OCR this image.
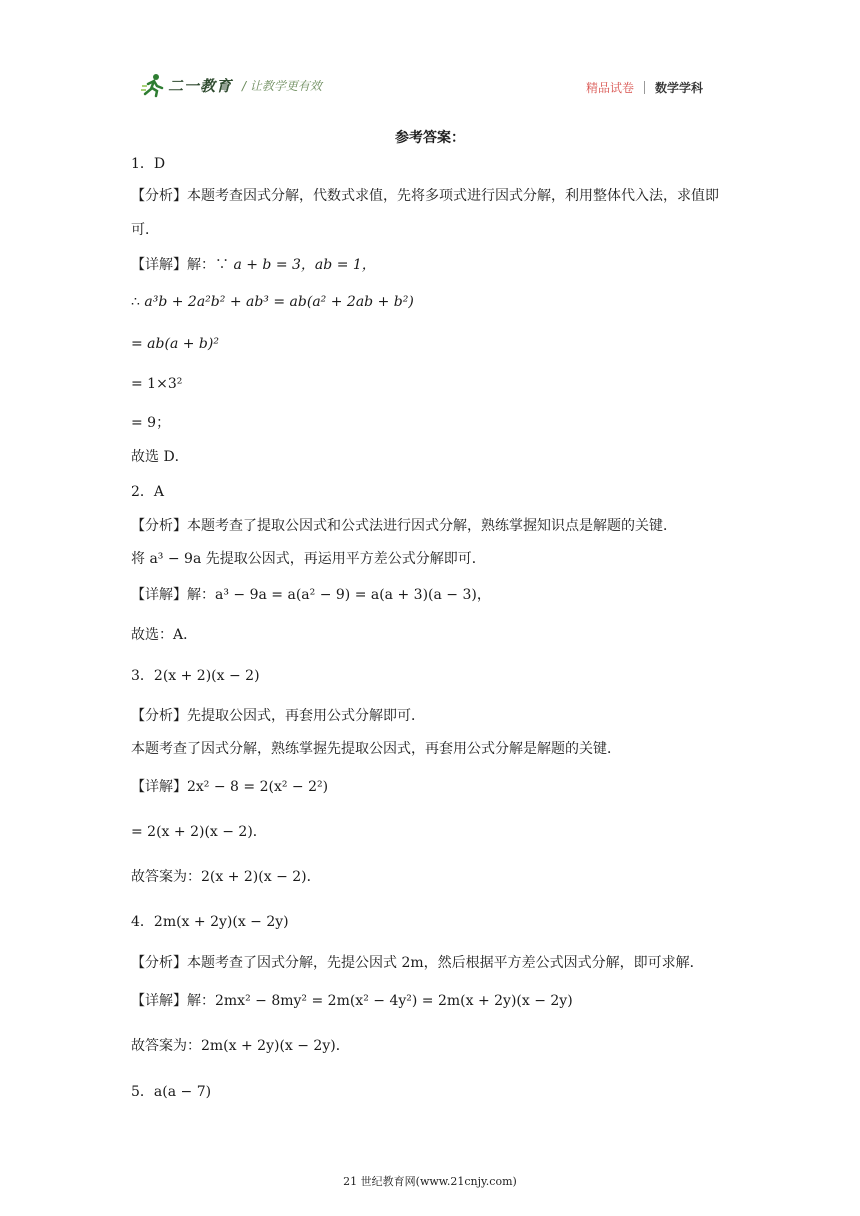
二一教育 / 让教学更有效	精品试卷 数学学科
参考答案：
1．D
【分析】本题考查因式分解，代数式求值，先将多项式进行因式分解，利用整体代入法，求值即可．
【详解】解：∵ a + b = 3，ab = 1，
∴ a³b + 2a²b² + ab³ = ab(a² + 2ab + b²)
= ab(a + b)²
= 1×3²
= 9；
故选 D．
2．A
【分析】本题考查了提取公因式和公式法进行因式分解，熟练掌握知识点是解题的关键．
将 a³ − 9a 先提取公因式，再运用平方差公式分解即可．
【详解】解：a³ − 9a = a(a² − 9) = a(a + 3)(a − 3)，
故选：A．
3．2(x + 2)(x − 2)
【分析】先提取公因式，再套用公式分解即可．
本题考查了因式分解，熟练掌握先提取公因式，再套用公式分解是解题的关键．
【详解】2x² − 8 = 2(x² − 2²)
= 2(x + 2)(x − 2)．
故答案为：2(x + 2)(x − 2)．
4．2m(x + 2y)(x − 2y)
【分析】本题考查了因式分解，先提公因式 2m，然后根据平方差公式因式分解，即可求解．
【详解】解：2mx² − 8my² = 2m(x² − 4y²) = 2m(x + 2y)(x − 2y)
故答案为：2m(x + 2y)(x − 2y)．
5．a(a − 7)
21 世纪教育网(www.21cnjy.com)
